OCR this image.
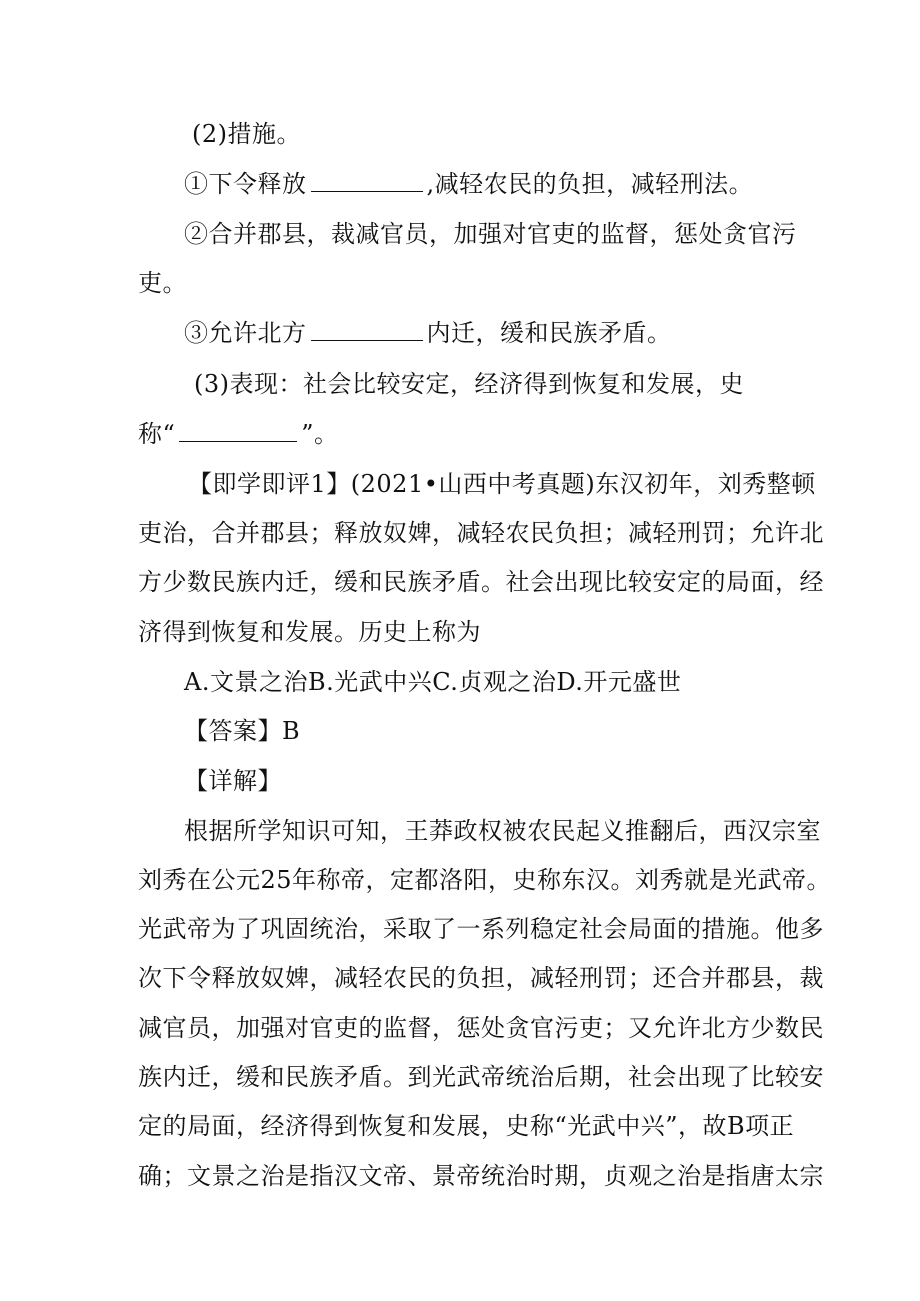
(2)措施。
①下令释放	,减轻农民的负担，减轻刑法。
②合并郡县，裁减官员，加强对官吏的监督，惩处贪官污
吏。
③允许北方	内迁，缓和民族矛盾。
(3)表现：社会比较安定，经济得到恢复和发展，史
称“	”。
【即学即评1】(2021•山西中考真题)东汉初年，刘秀整顿
吏治，合并郡县；释放奴婢，减轻农民负担；减轻刑罚；允许北
方少数民族内迁，缓和民族矛盾。社会出现比较安定的局面，经
济得到恢复和发展。历史上称为
A.文景之治B.光武中兴C.贞观之治D.开元盛世
【答案】B
【详解】
根据所学知识可知，王莽政权被农民起义推翻后，西汉宗室
刘秀在公元25年称帝，定都洛阳，史称东汉。刘秀就是光武帝。
光武帝为了巩固统治，采取了一系列稳定社会局面的措施。他多
次下令释放奴婢，减轻农民的负担，减轻刑罚；还合并郡县，裁
减官员，加强对官吏的监督，惩处贪官污吏；又允许北方少数民
族内迁，缓和民族矛盾。到光武帝统治后期，社会出现了比较安
定的局面，经济得到恢复和发展，史称“光武中兴”，故B项正
确；文景之治是指汉文帝、景帝统治时期，贞观之治是指唐太宗
